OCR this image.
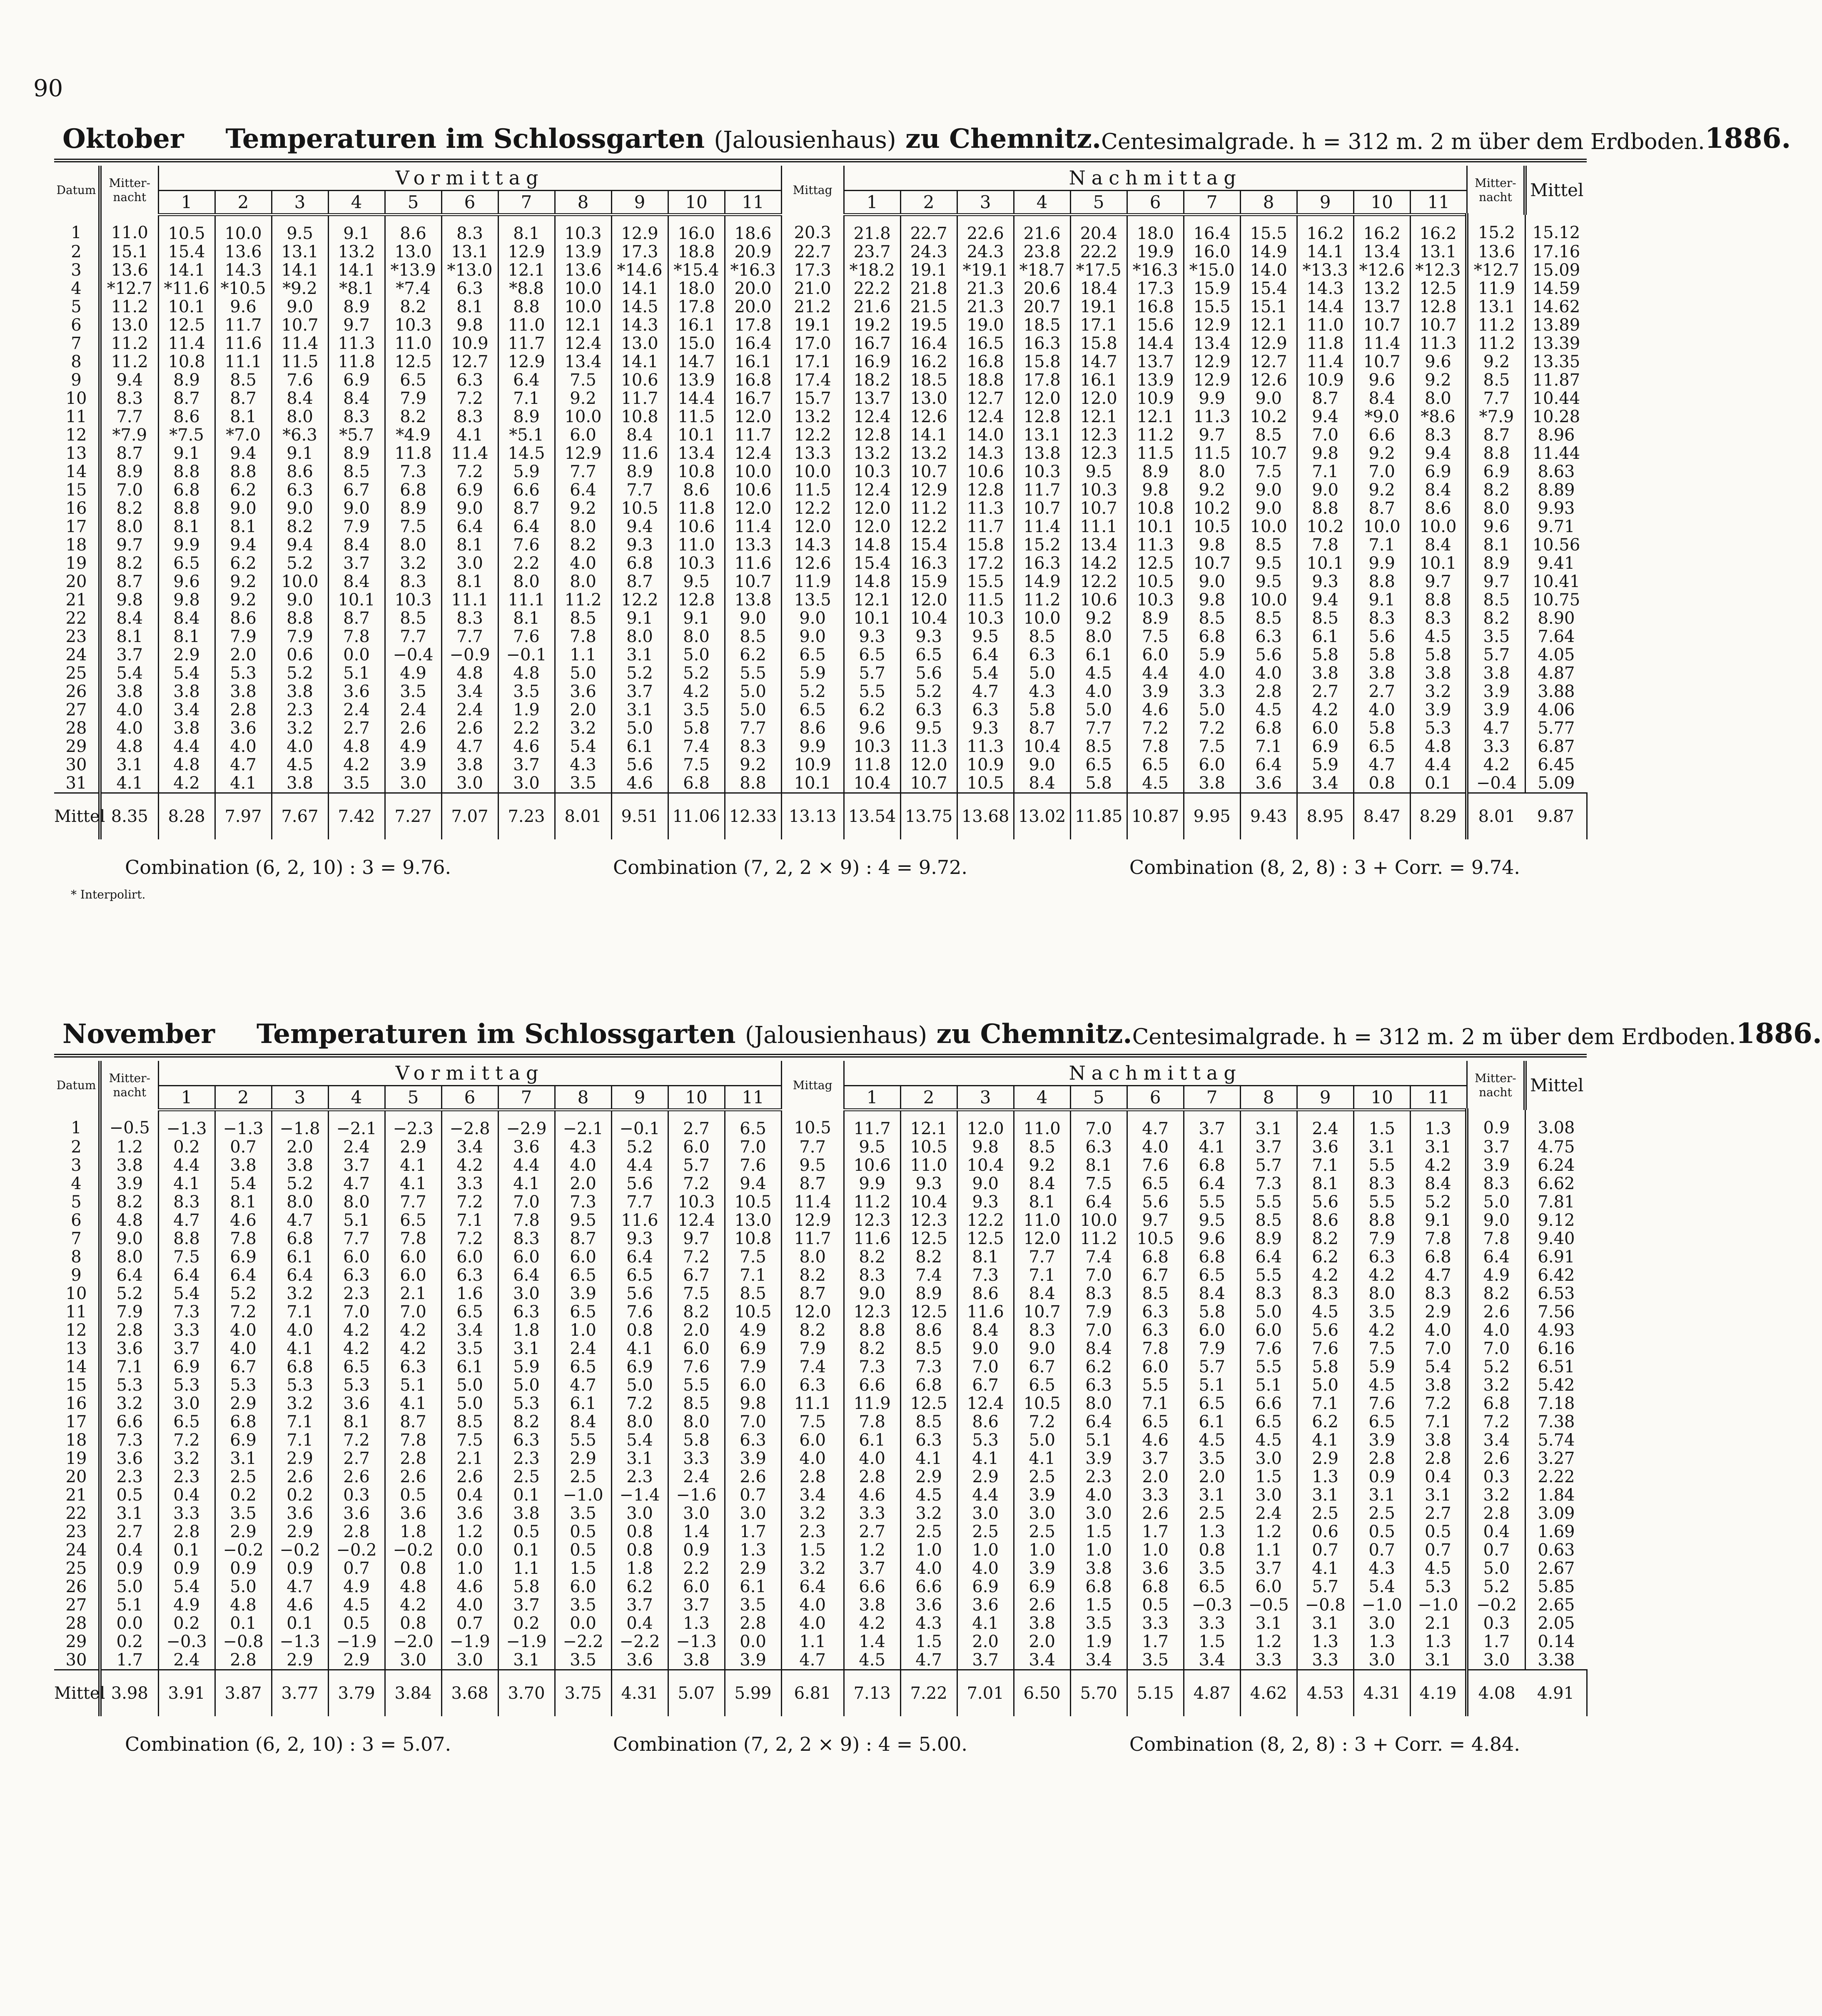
90
Oktober Temperaturen im Schlossgarten (Jalousienhaus) zu Chemnitz. Centesimalgrade. h = 312 m. 2 m über dem Erdboden. 1886.
Datum	Mitter-nacht	Vormittag											Mittag	Nachmittag											Mitter-nacht	Mittel
		1	2	3	4	5	6	7	8	9	10	11		1	2	3	4	5	6	7	8	9	10	11		
1	11.0	10.5	10.0	9.5	9.1	8.6	8.3	8.1	10.3	12.9	16.0	18.6	20.3	21.8	22.7	22.6	21.6	20.4	18.0	16.4	15.5	16.2	16.2	16.2	15.2	15.12
2	15.1	15.4	13.6	13.1	13.2	13.0	13.1	12.9	13.9	17.3	18.8	20.9	22.7	23.7	24.3	24.3	23.8	22.2	19.9	16.0	14.9	14.1	13.4	13.1	13.6	17.16
3	13.6	14.1	14.3	14.1	14.1	*13.9	*13.0	12.1	13.6	*14.6	*15.4	*16.3	17.3	*18.2	19.1	*19.1	*18.7	*17.5	*16.3	*15.0	14.0	*13.3	*12.6	*12.3	*12.7	15.09
4	*12.7	*11.6	*10.5	*9.2	*8.1	*7.4	6.3	*8.8	10.0	14.1	18.0	20.0	21.0	22.2	21.8	21.3	20.6	18.4	17.3	15.9	15.4	14.3	13.2	12.5	11.9	14.59
5	11.2	10.1	9.6	9.0	8.9	8.2	8.1	8.8	10.0	14.5	17.8	20.0	21.2	21.6	21.5	21.3	20.7	19.1	16.8	15.5	15.1	14.4	13.7	12.8	13.1	14.62
6	13.0	12.5	11.7	10.7	9.7	10.3	9.8	11.0	12.1	14.3	16.1	17.8	19.1	19.2	19.5	19.0	18.5	17.1	15.6	12.9	12.1	11.0	10.7	10.7	11.2	13.89
7	11.2	11.4	11.6	11.4	11.3	11.0	10.9	11.7	12.4	13.0	15.0	16.4	17.0	16.7	16.4	16.5	16.3	15.8	14.4	13.4	12.9	11.8	11.4	11.3	11.2	13.39
8	11.2	10.8	11.1	11.5	11.8	12.5	12.7	12.9	13.4	14.1	14.7	16.1	17.1	16.9	16.2	16.8	15.8	14.7	13.7	12.9	12.7	11.4	10.7	9.6	9.2	13.35
9	9.4	8.9	8.5	7.6	6.9	6.5	6.3	6.4	7.5	10.6	13.9	16.8	17.4	18.2	18.5	18.8	17.8	16.1	13.9	12.9	12.6	10.9	9.6	9.2	8.5	11.87
10	8.3	8.7	8.7	8.4	8.4	7.9	7.2	7.1	9.2	11.7	14.4	16.7	15.7	13.7	13.0	12.7	12.0	12.0	10.9	9.9	9.0	8.7	8.4	8.0	7.7	10.44
11	7.7	8.6	8.1	8.0	8.3	8.2	8.3	8.9	10.0	10.8	11.5	12.0	13.2	12.4	12.6	12.4	12.8	12.1	12.1	11.3	10.2	9.4	*9.0	*8.6	*7.9	10.28
12	*7.9	*7.5	*7.0	*6.3	*5.7	*4.9	4.1	*5.1	6.0	8.4	10.1	11.7	12.2	12.8	14.1	14.0	13.1	12.3	11.2	9.7	8.5	7.0	6.6	8.3	8.7	8.96
13	8.7	9.1	9.4	9.1	8.9	11.8	11.4	14.5	12.9	11.6	13.4	12.4	13.3	13.2	13.2	14.3	13.8	12.3	11.5	11.5	10.7	9.8	9.2	9.4	8.8	11.44
14	8.9	8.8	8.8	8.6	8.5	7.3	7.2	5.9	7.7	8.9	10.8	10.0	10.0	10.3	10.7	10.6	10.3	9.5	8.9	8.0	7.5	7.1	7.0	6.9	6.9	8.63
15	7.0	6.8	6.2	6.3	6.7	6.8	6.9	6.6	6.4	7.7	8.6	10.6	11.5	12.4	12.9	12.8	11.7	10.3	9.8	9.2	9.0	9.0	9.2	8.4	8.2	8.89
16	8.2	8.8	9.0	9.0	9.0	8.9	9.0	8.7	9.2	10.5	11.8	12.0	12.2	12.0	11.2	11.3	10.7	10.7	10.8	10.2	9.0	8.8	8.7	8.6	8.0	9.93
17	8.0	8.1	8.1	8.2	7.9	7.5	6.4	6.4	8.0	9.4	10.6	11.4	12.0	12.0	12.2	11.7	11.4	11.1	10.1	10.5	10.0	10.2	10.0	10.0	9.6	9.71
18	9.7	9.9	9.4	9.4	8.4	8.0	8.1	7.6	8.2	9.3	11.0	13.3	14.3	14.8	15.4	15.8	15.2	13.4	11.3	9.8	8.5	7.8	7.1	8.4	8.1	10.56
19	8.2	6.5	6.2	5.2	3.7	3.2	3.0	2.2	4.0	6.8	10.3	11.6	12.6	15.4	16.3	17.2	16.3	14.2	12.5	10.7	9.5	10.1	9.9	10.1	8.9	9.41
20	8.7	9.6	9.2	10.0	8.4	8.3	8.1	8.0	8.0	8.7	9.5	10.7	11.9	14.8	15.9	15.5	14.9	12.2	10.5	9.0	9.5	9.3	8.8	9.7	9.7	10.41
21	9.8	9.8	9.2	9.0	10.1	10.3	11.1	11.1	11.2	12.2	12.8	13.8	13.5	12.1	12.0	11.5	11.2	10.6	10.3	9.8	10.0	9.4	9.1	8.8	8.5	10.75
22	8.4	8.4	8.6	8.8	8.7	8.5	8.3	8.1	8.5	9.1	9.1	9.0	9.0	10.1	10.4	10.3	10.0	9.2	8.9	8.5	8.5	8.5	8.3	8.3	8.2	8.90
23	8.1	8.1	7.9	7.9	7.8	7.7	7.7	7.6	7.8	8.0	8.0	8.5	9.0	9.3	9.3	9.5	8.5	8.0	7.5	6.8	6.3	6.1	5.6	4.5	3.5	7.64
24	3.7	2.9	2.0	0.6	0.0	−0.4	−0.9	−0.1	1.1	3.1	5.0	6.2	6.5	6.5	6.5	6.4	6.3	6.1	6.0	5.9	5.6	5.8	5.8	5.8	5.7	4.05
25	5.4	5.4	5.3	5.2	5.1	4.9	4.8	4.8	5.0	5.2	5.2	5.5	5.9	5.7	5.6	5.4	5.0	4.5	4.4	4.0	4.0	3.8	3.8	3.8	3.8	4.87
26	3.8	3.8	3.8	3.8	3.6	3.5	3.4	3.5	3.6	3.7	4.2	5.0	5.2	5.5	5.2	4.7	4.3	4.0	3.9	3.3	2.8	2.7	2.7	3.2	3.9	3.88
27	4.0	3.4	2.8	2.3	2.4	2.4	2.4	1.9	2.0	3.1	3.5	5.0	6.5	6.2	6.3	6.3	5.8	5.0	4.6	5.0	4.5	4.2	4.0	3.9	3.9	4.06
28	4.0	3.8	3.6	3.2	2.7	2.6	2.6	2.2	3.2	5.0	5.8	7.7	8.6	9.6	9.5	9.3	8.7	7.7	7.2	7.2	6.8	6.0	5.8	5.3	4.7	5.77
29	4.8	4.4	4.0	4.0	4.8	4.9	4.7	4.6	5.4	6.1	7.4	8.3	9.9	10.3	11.3	11.3	10.4	8.5	7.8	7.5	7.1	6.9	6.5	4.8	3.3	6.87
30	3.1	4.8	4.7	4.5	4.2	3.9	3.8	3.7	4.3	5.6	7.5	9.2	10.9	11.8	12.0	10.9	9.0	6.5	6.5	6.0	6.4	5.9	4.7	4.4	4.2	6.45
31	4.1	4.2	4.1	3.8	3.5	3.0	3.0	3.0	3.5	4.6	6.8	8.8	10.1	10.4	10.7	10.5	8.4	5.8	4.5	3.8	3.6	3.4	0.8	0.1	−0.4	5.09
Mittel	8.35	8.28	7.97	7.67	7.42	7.27	7.07	7.23	8.01	9.51	11.06	12.33	13.13	13.54	13.75	13.68	13.02	11.85	10.87	9.95	9.43	8.95	8.47	8.29	8.01	9.87
Combination (6, 2, 10) : 3 = 9.76.	Combination (7, 2, 2 × 9) : 4 = 9.72.	Combination (8, 2, 8) : 3 + Corr. = 9.74.
* Interpolirt.
November Temperaturen im Schlossgarten (Jalousienhaus) zu Chemnitz. Centesimalgrade. h = 312 m. 2 m über dem Erdboden. 1886.
Datum	Mitter-nacht	Vormittag											Mittag	Nachmittag											Mitter-nacht	Mittel
		1	2	3	4	5	6	7	8	9	10	11		1	2	3	4	5	6	7	8	9	10	11		
1	−0.5	−1.3	−1.3	−1.8	−2.1	−2.3	−2.8	−2.9	−2.1	−0.1	2.7	6.5	10.5	11.7	12.1	12.0	11.0	7.0	4.7	3.7	3.1	2.4	1.5	1.3	0.9	3.08
2	1.2	0.2	0.7	2.0	2.4	2.9	3.4	3.6	4.3	5.2	6.0	7.0	7.7	9.5	10.5	9.8	8.5	6.3	4.0	4.1	3.7	3.6	3.1	3.1	3.7	4.75
3	3.8	4.4	3.8	3.8	3.7	4.1	4.2	4.4	4.0	4.4	5.7	7.6	9.5	10.6	11.0	10.4	9.2	8.1	7.6	6.8	5.7	7.1	5.5	4.2	3.9	6.24
4	3.9	4.1	5.4	5.2	4.7	4.1	3.3	4.1	2.0	5.6	7.2	9.4	8.7	9.9	9.3	9.0	8.4	7.5	6.5	6.4	7.3	8.1	8.3	8.4	8.3	6.62
5	8.2	8.3	8.1	8.0	8.0	7.7	7.2	7.0	7.3	7.7	10.3	10.5	11.4	11.2	10.4	9.3	8.1	6.4	5.6	5.5	5.5	5.6	5.5	5.2	5.0	7.81
6	4.8	4.7	4.6	4.7	5.1	6.5	7.1	7.8	9.5	11.6	12.4	13.0	12.9	12.3	12.3	12.2	11.0	10.0	9.7	9.5	8.5	8.6	8.8	9.1	9.0	9.12
7	9.0	8.8	7.8	6.8	7.7	7.8	7.2	8.3	8.7	9.3	9.7	10.8	11.7	11.6	12.5	12.5	12.0	11.2	10.5	9.6	8.9	8.2	7.9	7.8	7.8	9.40
8	8.0	7.5	6.9	6.1	6.0	6.0	6.0	6.0	6.0	6.4	7.2	7.5	8.0	8.2	8.2	8.1	7.7	7.4	6.8	6.8	6.4	6.2	6.3	6.8	6.4	6.91
9	6.4	6.4	6.4	6.4	6.3	6.0	6.3	6.4	6.5	6.5	6.7	7.1	8.2	8.3	7.4	7.3	7.1	7.0	6.7	6.5	5.5	4.2	4.2	4.7	4.9	6.42
10	5.2	5.4	5.2	3.2	2.3	2.1	1.6	3.0	3.9	5.6	7.5	8.5	8.7	9.0	8.9	8.6	8.4	8.3	8.5	8.4	8.3	8.3	8.0	8.3	8.2	6.53
11	7.9	7.3	7.2	7.1	7.0	7.0	6.5	6.3	6.5	7.6	8.2	10.5	12.0	12.3	12.5	11.6	10.7	7.9	6.3	5.8	5.0	4.5	3.5	2.9	2.6	7.56
12	2.8	3.3	4.0	4.0	4.2	4.2	3.4	1.8	1.0	0.8	2.0	4.9	8.2	8.8	8.6	8.4	8.3	7.0	6.3	6.0	6.0	5.6	4.2	4.0	4.0	4.93
13	3.6	3.7	4.0	4.1	4.2	4.2	3.5	3.1	2.4	4.1	6.0	6.9	7.9	8.2	8.5	9.0	9.0	8.4	7.8	7.9	7.6	7.6	7.5	7.0	7.0	6.16
14	7.1	6.9	6.7	6.8	6.5	6.3	6.1	5.9	6.5	6.9	7.6	7.9	7.4	7.3	7.3	7.0	6.7	6.2	6.0	5.7	5.5	5.8	5.9	5.4	5.2	6.51
15	5.3	5.3	5.3	5.3	5.3	5.1	5.0	5.0	4.7	5.0	5.5	6.0	6.3	6.6	6.8	6.7	6.5	6.3	5.5	5.1	5.1	5.0	4.5	3.8	3.2	5.42
16	3.2	3.0	2.9	3.2	3.6	4.1	5.0	5.3	6.1	7.2	8.5	9.8	11.1	11.9	12.5	12.4	10.5	8.0	7.1	6.5	6.6	7.1	7.6	7.2	6.8	7.18
17	6.6	6.5	6.8	7.1	8.1	8.7	8.5	8.2	8.4	8.0	8.0	7.0	7.5	7.8	8.5	8.6	7.2	6.4	6.5	6.1	6.5	6.2	6.5	7.1	7.2	7.38
18	7.3	7.2	6.9	7.1	7.2	7.8	7.5	6.3	5.5	5.4	5.8	6.3	6.0	6.1	6.3	5.3	5.0	5.1	4.6	4.5	4.5	4.1	3.9	3.8	3.4	5.74
19	3.6	3.2	3.1	2.9	2.7	2.8	2.1	2.3	2.9	3.1	3.3	3.9	4.0	4.0	4.1	4.1	4.1	3.9	3.7	3.5	3.0	2.9	2.8	2.8	2.6	3.27
20	2.3	2.3	2.5	2.6	2.6	2.6	2.6	2.5	2.5	2.3	2.4	2.6	2.8	2.8	2.9	2.9	2.5	2.3	2.0	2.0	1.5	1.3	0.9	0.4	0.3	2.22
21	0.5	0.4	0.2	0.2	0.3	0.5	0.4	0.1	−1.0	−1.4	−1.6	0.7	3.4	4.6	4.5	4.4	3.9	4.0	3.3	3.1	3.0	3.1	3.1	3.1	3.2	1.84
22	3.1	3.3	3.5	3.6	3.6	3.6	3.6	3.8	3.5	3.0	3.0	3.0	3.2	3.3	3.2	3.0	3.0	3.0	2.6	2.5	2.4	2.5	2.5	2.7	2.8	3.09
23	2.7	2.8	2.9	2.9	2.8	1.8	1.2	0.5	0.5	0.8	1.4	1.7	2.3	2.7	2.5	2.5	2.5	1.5	1.7	1.3	1.2	0.6	0.5	0.5	0.4	1.69
24	0.4	0.1	−0.2	−0.2	−0.2	−0.2	0.0	0.1	0.5	0.8	0.9	1.3	1.5	1.2	1.0	1.0	1.0	1.0	1.0	0.8	1.1	0.7	0.7	0.7	0.7	0.63
25	0.9	0.9	0.9	0.9	0.7	0.8	1.0	1.1	1.5	1.8	2.2	2.9	3.2	3.7	4.0	4.0	3.9	3.8	3.6	3.5	3.7	4.1	4.3	4.5	5.0	2.67
26	5.0	5.4	5.0	4.7	4.9	4.8	4.6	5.8	6.0	6.2	6.0	6.1	6.4	6.6	6.6	6.9	6.9	6.8	6.8	6.5	6.0	5.7	5.4	5.3	5.2	5.85
27	5.1	4.9	4.8	4.6	4.5	4.2	4.0	3.7	3.5	3.7	3.7	3.5	4.0	3.8	3.6	3.6	2.6	1.5	0.5	−0.3	−0.5	−0.8	−1.0	−1.0	−0.2	2.65
28	0.0	0.2	0.1	0.1	0.5	0.8	0.7	0.2	0.0	0.4	1.3	2.8	4.0	4.2	4.3	4.1	3.8	3.5	3.3	3.3	3.1	3.1	3.0	2.1	0.3	2.05
29	0.2	−0.3	−0.8	−1.3	−1.9	−2.0	−1.9	−1.9	−2.2	−2.2	−1.3	0.0	1.1	1.4	1.5	2.0	2.0	1.9	1.7	1.5	1.2	1.3	1.3	1.3	1.7	0.14
30	1.7	2.4	2.8	2.9	2.9	3.0	3.0	3.1	3.5	3.6	3.8	3.9	4.7	4.5	4.7	3.7	3.4	3.4	3.5	3.4	3.3	3.3	3.0	3.1	3.0	3.38
Mittel	3.98	3.91	3.87	3.77	3.79	3.84	3.68	3.70	3.75	4.31	5.07	5.99	6.81	7.13	7.22	7.01	6.50	5.70	5.15	4.87	4.62	4.53	4.31	4.19	4.08	4.91
Combination (6, 2, 10) : 3 = 5.07.	Combination (7, 2, 2 × 9) : 4 = 5.00.	Combination (8, 2, 8) : 3 + Corr. = 4.84.
